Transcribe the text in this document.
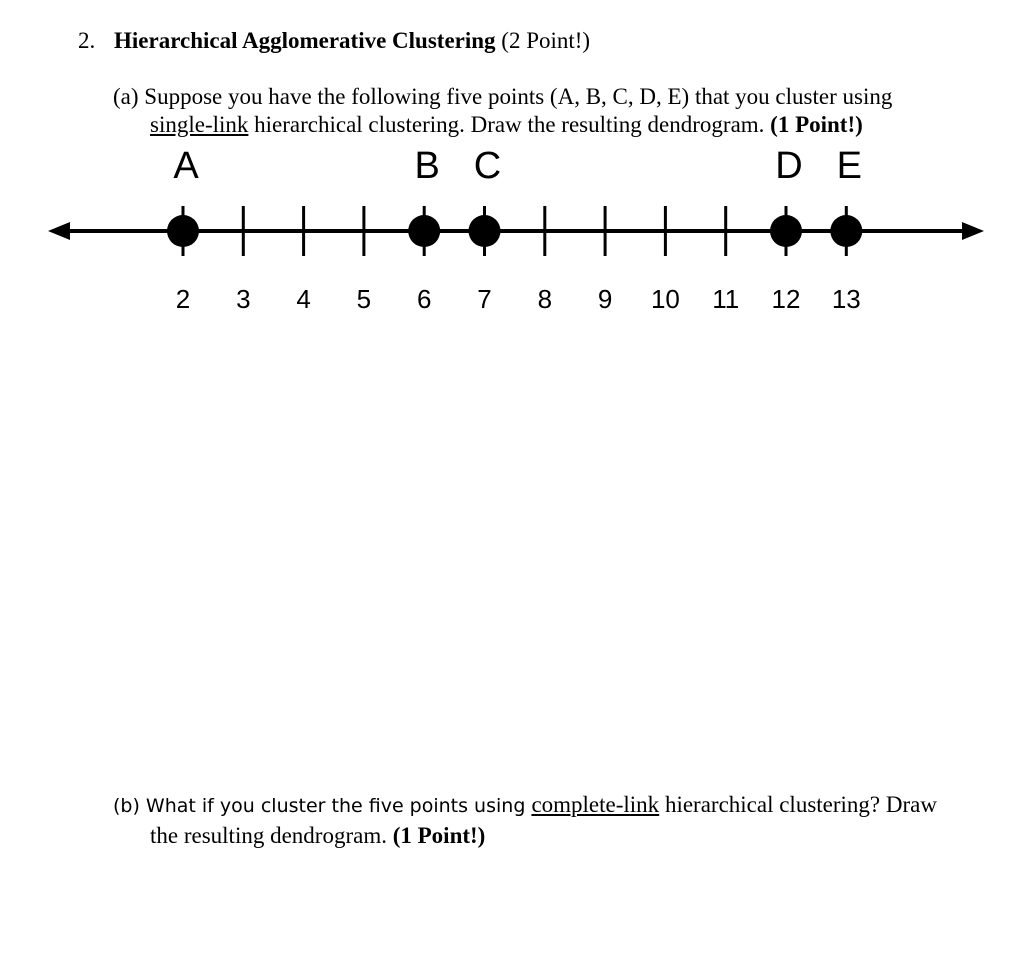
2. Hierarchical Agglomerative Clustering (2 Point!)
(a) Suppose you have the following five points (A, B, C, D, E) that you cluster using
single-link hierarchical clustering. Draw the resulting dendrogram. (1 Point!)
2 3 4 5 6 7 8 9 10 11 12 13
A	B C	D E
(b) What if you cluster the five points using complete-link hierarchical clustering? Draw
the resulting dendrogram. (1 Point!)
